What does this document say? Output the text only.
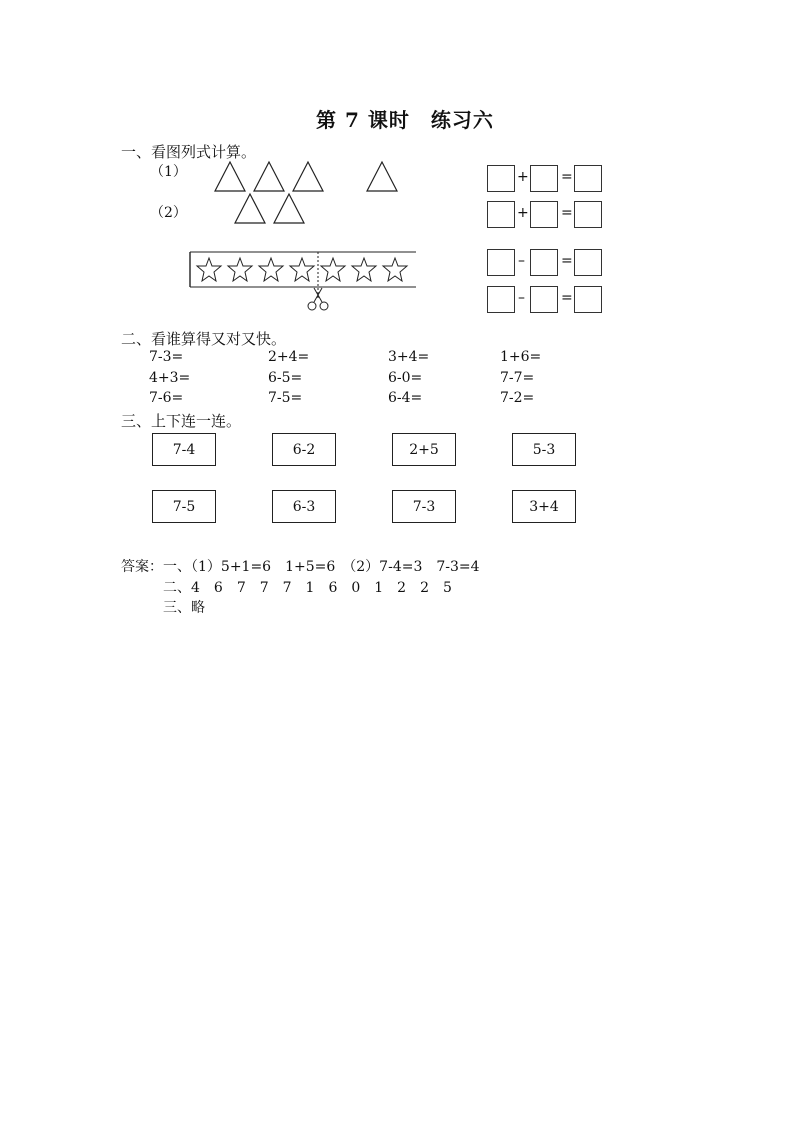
第 7 课时　练习六
一、看图列式计算。
（1）
（2）
+ =
+ =
–	=
–	=
二、看谁算得又对又快。
7-3=	2+4=	3+4=	1+6=
4+3=	6-5=	6-0=	7-7=
7-6=	7-5=	6-4=	7-2=
三、上下连一连。
7-4	6-2	2+5	5-3
7-5	6-3	7-3	3+4
答案：一、（1）5+1=6　1+5=6　（2）7-4=3　7-3=4
二、4　6　7　7　7　1　6　0　1　2　2　5
三、略
